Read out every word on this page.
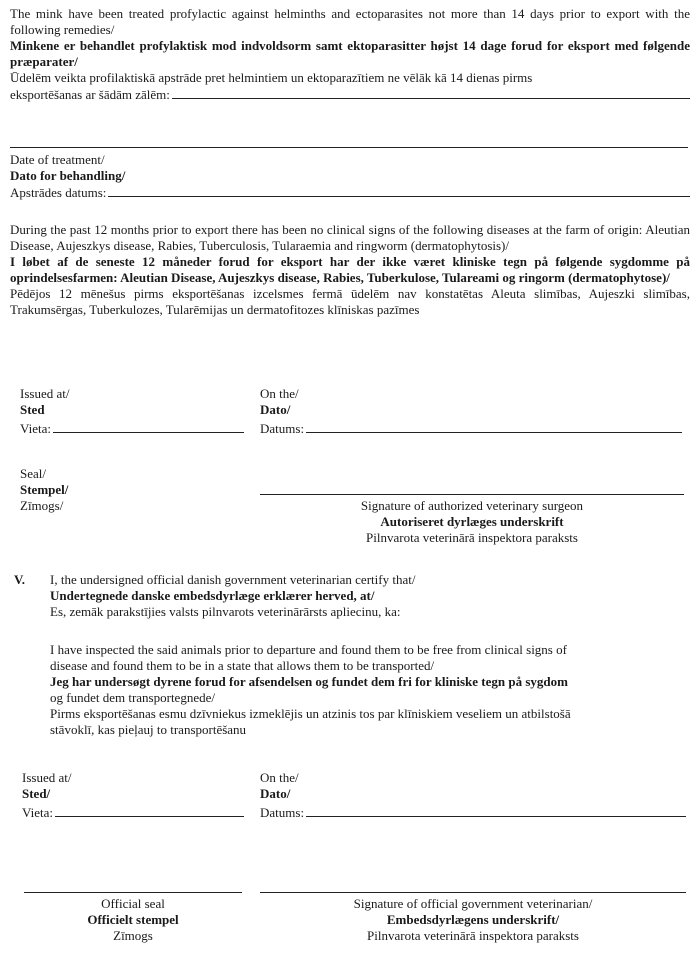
The mink have been treated profylactic against helminths and ectoparasites not more than 14 days prior to export with the following remedies/

Minkene er behandlet profylaktisk mod indvoldsorm samt ektoparasitter højst 14 dage forud for eksport med følgende præparater/

Ūdelēm veikta profilaktiskā apstrāde pret helmintiem un ektoparazītiem ne vēlāk kā 14 dienas pirms

eksportēšanas ar šādām zālēm:

Date of treatment/

Dato for behandling/

Apstrādes datums:

During the past 12 months prior to export there has been no clinical signs of the following diseases at the farm of origin: Aleutian Disease, Aujeszkys disease, Rabies, Tuberculosis, Tularaemia and ringworm (dermatophytosis)/

I løbet af de seneste 12 måneder forud for eksport har der ikke været kliniske tegn på følgende sygdomme på oprindelsesfarmen: Aleutian Disease, Aujeszkys disease, Rabies, Tuberkulose, Tulareami og ringorm (dermatophytose)/

Pēdējos 12 mēnešus pirms eksportēšanas izcelsmes fermā ūdelēm nav konstatētas Aleuta slimības, Aujeszki slimības, Trakumsērgas, Tuberkulozes, Tularēmijas un dermatofitozes klīniskas pazīmes

Issued at/
Sted
Vieta:
On the/
Dato/
Datums:
Seal/
Stempel/
Zīmogs/	Signature of authorized veterinary surgeon
Autoriseret dyrlæges underskrift
Pilnvarota veterinārā inspektora paraksts
V. I, the undersigned official danish government veterinarian certify that/
Undertegnede danske embedsdyrlæge erklærer herved, at/
Es, zemāk parakstījies valsts pilnvarots veterinārārsts apliecinu, ka:
I have inspected the said animals prior to departure and found them to be free from clinical signs of
disease and found them to be in a state that allows them to be transported/
Jeg har undersøgt dyrene forud for afsendelsen og fundet dem fri for kliniske tegn på sygdom
og fundet dem transportegnede/
Pirms eksportēšanas esmu dzīvniekus izmeklējis un atzinis tos par klīniskiem veseliem un atbilstošā
stāvoklī, kas pieļauj to transportēšanu
Issued at/
Sted/
Vieta:
On the/
Dato/
Datums:
Official seal
Officielt stempel
Zīmogs
Signature of official government veterinarian/
Embedsdyrlægens underskrift/
Pilnvarota veterinārā inspektora paraksts
